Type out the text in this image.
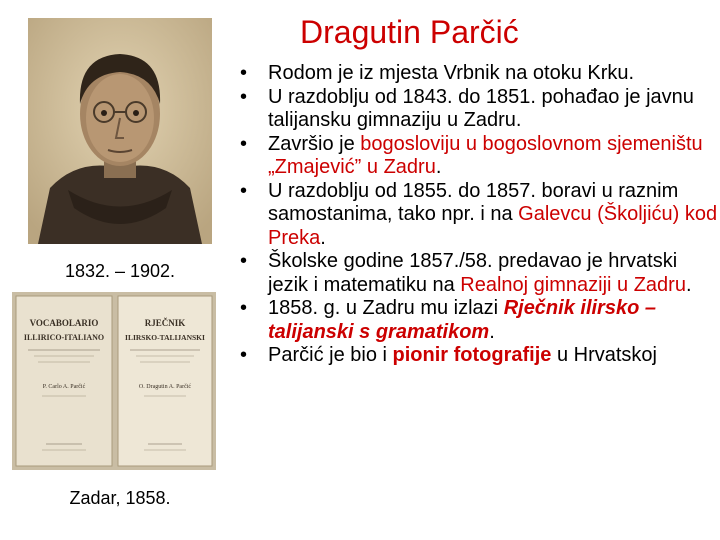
Dragutin Parčić
1832. – 1902.
VOCABOLARIO
ILLIRICO-ITALIANO
P. Carlo A. Parčić
RJEČNIK
ILIRSKO-TALIJANSKI
O. Dragutin A. Parčić
Zadar, 1858.
• Rodom je iz mjesta Vrbnik na otoku Krku.
• U razdoblju od 1843. do 1851. pohađao je javnu talijansku gimnaziju u Zadru.
• Završio je bogosloviju u bogoslovnom sjemeništu „Zmajević” u Zadru.
• U razdoblju od 1855. do 1857. boravi u raznim samostanima, tako npr. i na Galevcu (Školjiću) kod Preka.
• Školske godine 1857./58. predavao je hrvatski jezik i matematiku na Realnoj gimnaziji u Zadru.
• 1858. g. u Zadru mu izlazi Rječnik ilirsko – talijanski s gramatikom.
• Parčić je bio i pionir fotografije u Hrvatskoj
